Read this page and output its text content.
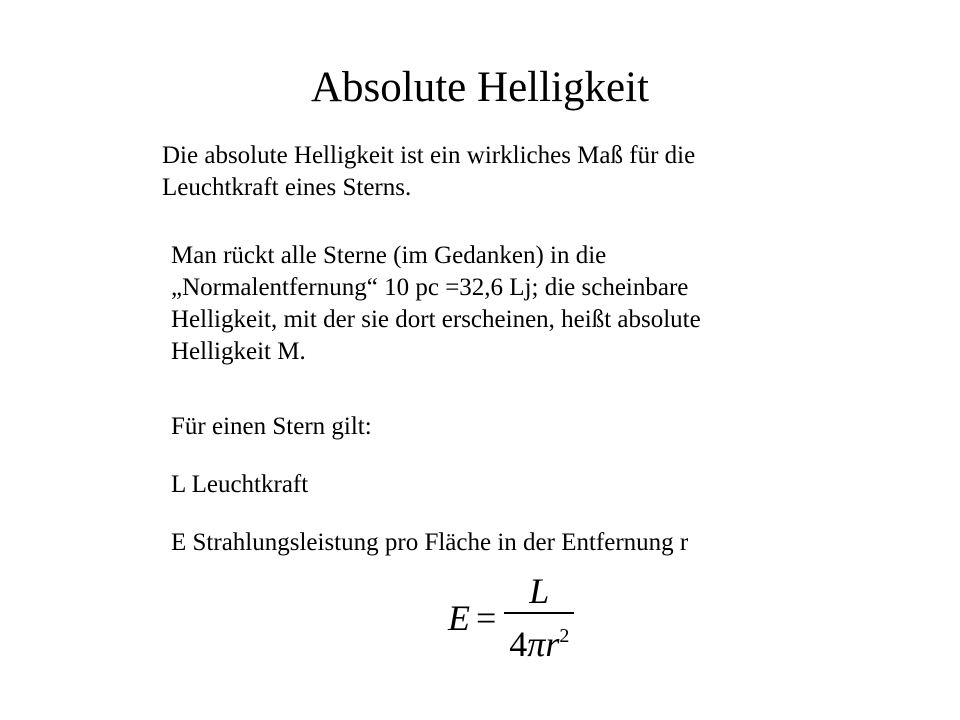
Absolute Helligkeit
Die absolute Helligkeit ist ein wirkliches Maß für die
Leuchtkraft eines Sterns.
Man rückt alle Sterne (im Gedanken) in die
„Normalentfernung“ 10 pc =32,6 Lj; die scheinbare
Helligkeit, mit der sie dort erscheinen, heißt absolute
Helligkeit M.
Für einen Stern gilt:
L Leuchtkraft
E Strahlungsleistung pro Fläche in der Entfernung r
$E = \frac{L}{4\pi r^2}$
